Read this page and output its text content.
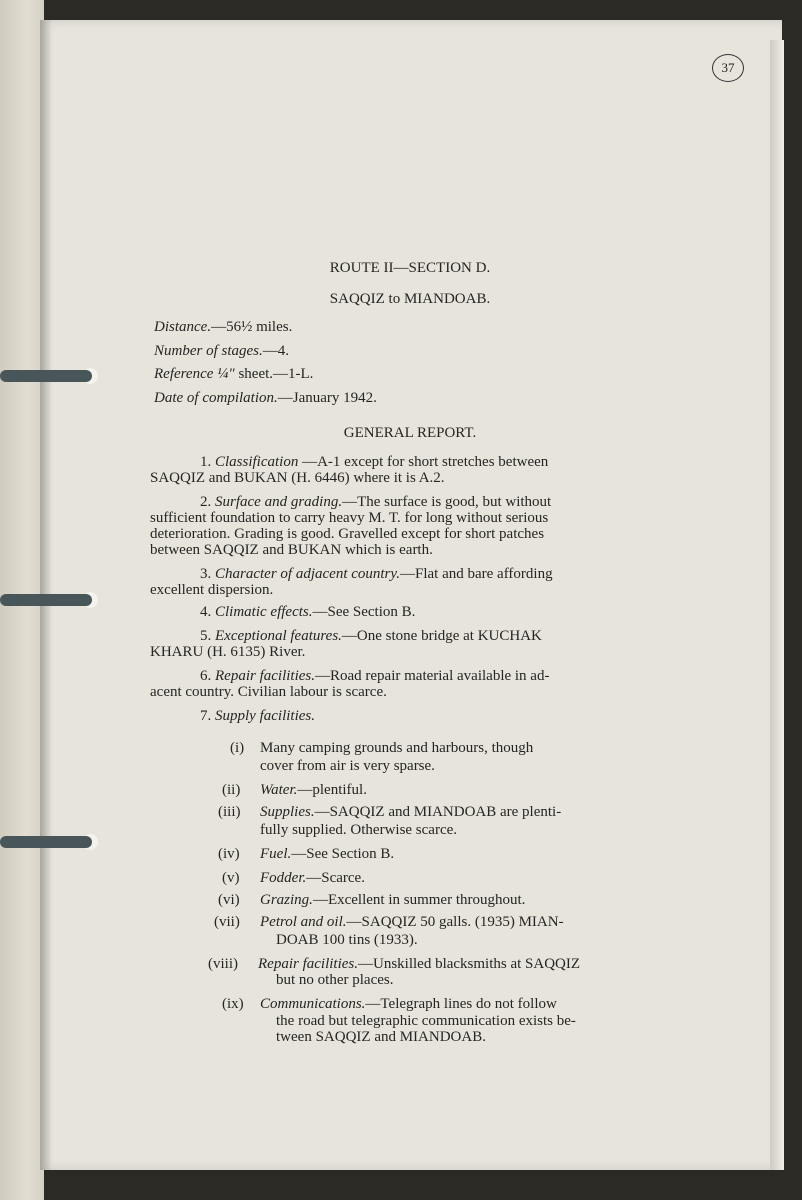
37
ROUTE II—SECTION D.
SAQQIZ to MIANDOAB.
Distance.—56½ miles.
Number of stages.—4.
Reference ¼" sheet.—1-L.
Date of compilation.—January 1942.
GENERAL REPORT.
1. Classification —A-1 except for short stretches between
SAQQIZ and BUKAN (H. 6446) where it is A.2.
2. Surface and grading.—The surface is good, but without
sufficient foundation to carry heavy M. T. for long without serious
deterioration. Grading is good. Gravelled except for short patches
between SAQQIZ and BUKAN which is earth.
3. Character of adjacent country.—Flat and bare affording
excellent dispersion.
4. Climatic effects.—See Section B.
5. Exceptional features.—One stone bridge at KUCHAK
KHARU (H. 6135) River.
6. Repair facilities.—Road repair material available in ad-
acent country. Civilian labour is scarce.
7. Supply facilities.
(i) Many camping grounds and harbours, though
cover from air is very sparse.
(ii) Water.—plentiful.
(iii) Supplies.—SAQQIZ and MIANDOAB are plenti-
fully supplied. Otherwise scarce.
(iv) Fuel.—See Section B.
(v) Fodder.—Scarce.
(vi) Grazing.—Excellent in summer throughout.
(vii) Petrol and oil.—SAQQIZ 50 galls. (1935) MIAN-
DOAB 100 tins (1933).
(viii) Repair facilities.—Unskilled blacksmiths at SAQQIZ
but no other places.
(ix) Communications.—Telegraph lines do not follow
the road but telegraphic communication exists be-
tween SAQQIZ and MIANDOAB.
